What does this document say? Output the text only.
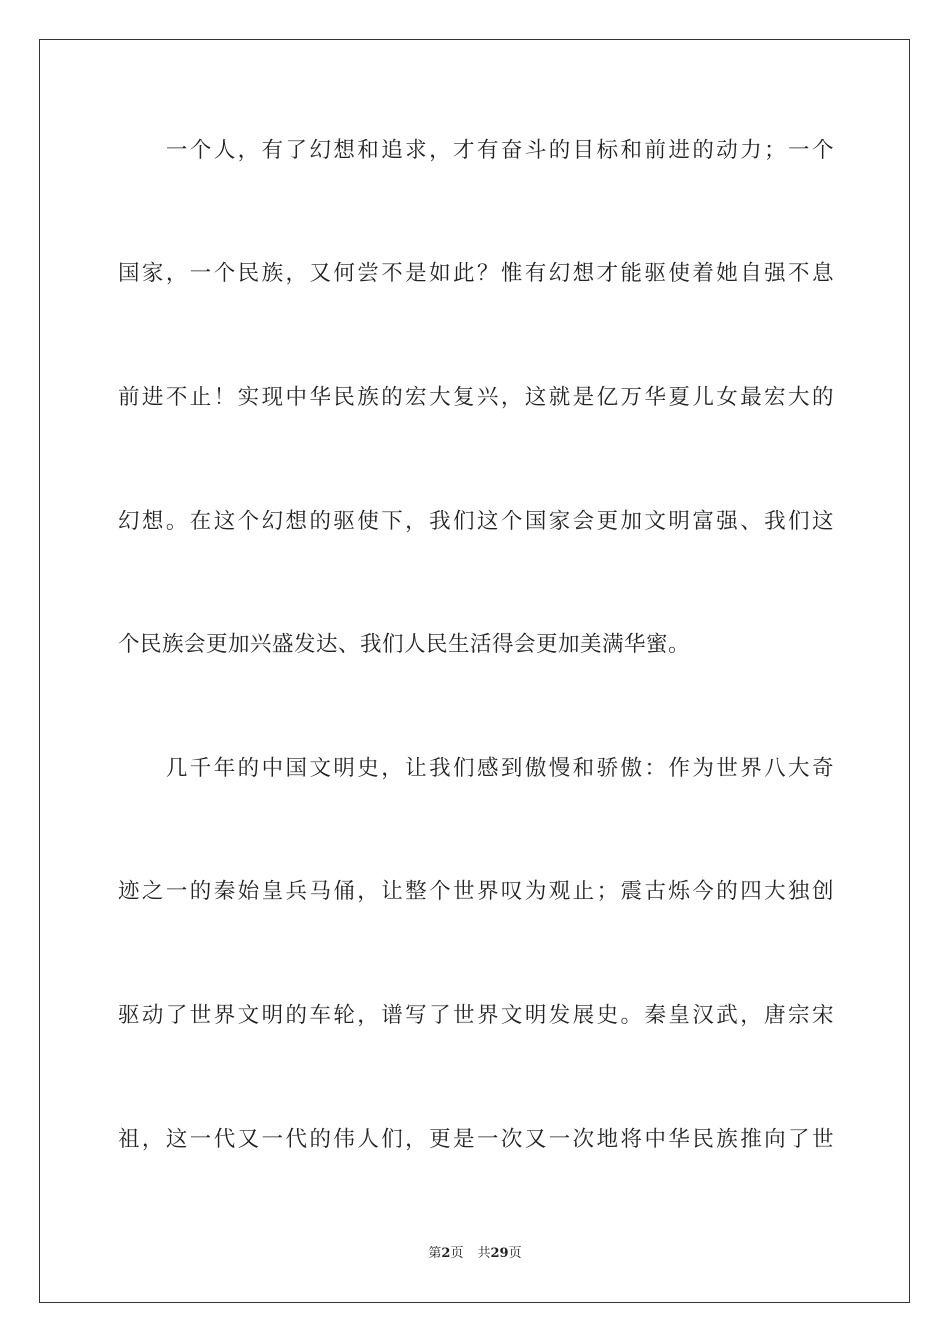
　　一个人，有了幻想和追求，才有奋斗的目标和前进的动力；一个
国家，一个民族，又何尝不是如此？惟有幻想才能驱使着她自强不息
前进不止！实现中华民族的宏大复兴，这就是亿万华夏儿女最宏大的
幻想。在这个幻想的驱使下，我们这个国家会更加文明富强、我们这
个民族会更加兴盛发达、我们人民生活得会更加美满华蜜。
　　几千年的中国文明史，让我们感到傲慢和骄傲：作为世界八大奇
迹之一的秦始皇兵马俑，让整个世界叹为观止；震古烁今的四大独创
驱动了世界文明的车轮，谱写了世界文明发展史。秦皇汉武，唐宗宋
祖，这一代又一代的伟人们，更是一次又一次地将中华民族推向了世
第2页 共29页
